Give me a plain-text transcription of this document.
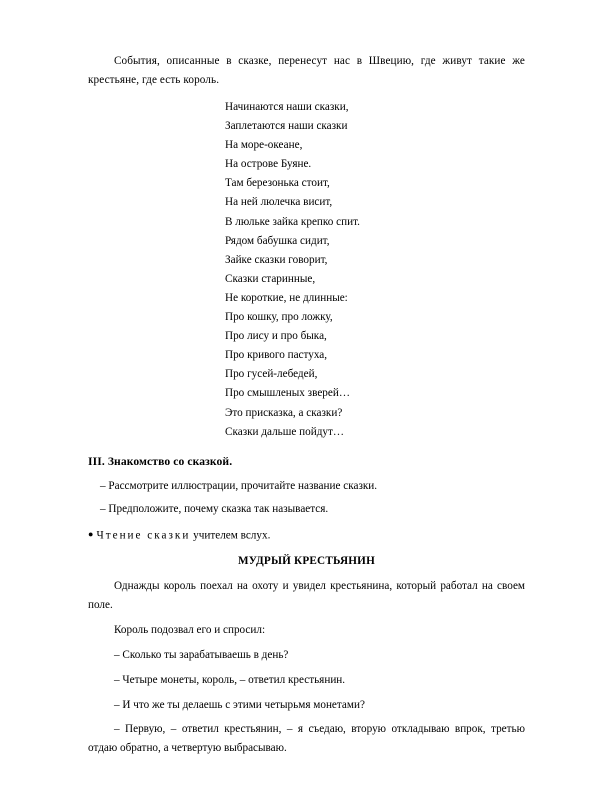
События, описанные в сказке, перенесут нас в Швецию, где живут такие же крестьяне, где есть король.

Начинаются наши сказки,
Заплетаются наши сказки
На море-океане,
На острове Буяне.
Там березонька стоит,
На ней люлечка висит,
В люльке зайка крепко спит.
Рядом бабушка сидит,
Зайке сказки говорит,
Сказки старинные,
Не короткие, не длинные:
Про кошку, про ложку,
Про лису и про быка,
Про кривого пастуха,
Про гусей-лебедей,
Про смышленых зверей…
Это присказка, а сказки?
Сказки дальше пойдут…

III. Знакомство со сказкой.

– Рассмотрите иллюстрации, прочитайте название сказки.

– Предположите, почему сказка так называется.

● Чтение сказки учителем вслух.

МУДРЫЙ КРЕСТЬЯНИН

Однажды король поехал на охоту и увидел крестьянина, который работал на своем поле.

Король подозвал его и спросил:

– Сколько ты зарабатываешь в день?

– Четыре монеты, король, – ответил крестьянин.

– И что же ты делаешь с этими четырьмя монетами?

– Первую, – ответил крестьянин, – я съедаю, вторую откладываю впрок, третью отдаю обратно, а четвертую выбрасываю.
